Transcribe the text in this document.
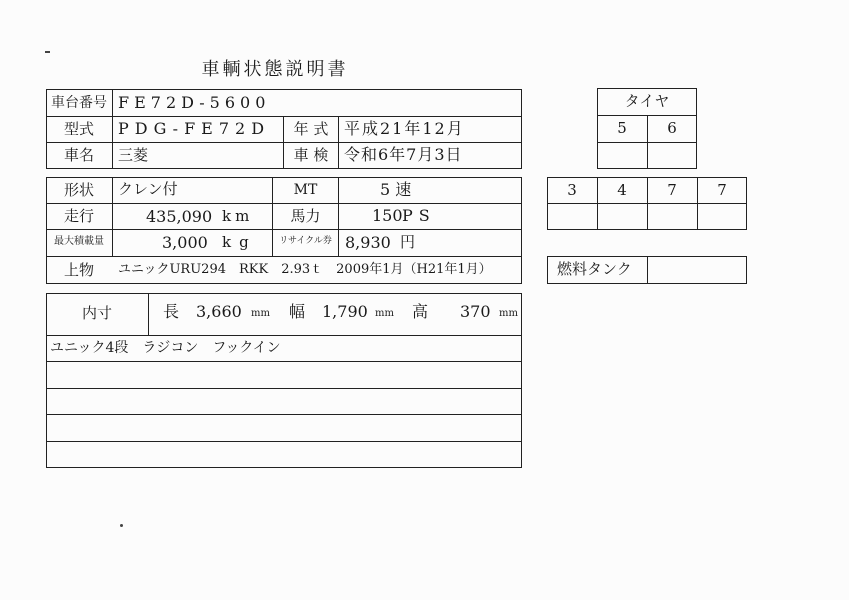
車輌状態説明書
車台番号 FE72D-5600
型式	PDG-FE72D	年 式 平成21年12月
車名	三菱	車 検 令和6年7月3日
形状	クレン付	MT	5 速
走行	435,090 km	馬力	150 PS
最大積載量	3,000 kg	リサイクル券 8,930 円
上物	ユニックURU294　RKK　2.93ｔ　2009年1月（H21年1月）
内寸	長 3,660 mm 幅 1,790 mm 高 370 mm
ユニック4段　ラジコン　フックイン
タイヤ
5	6
3	4	7	7
燃料タンク
